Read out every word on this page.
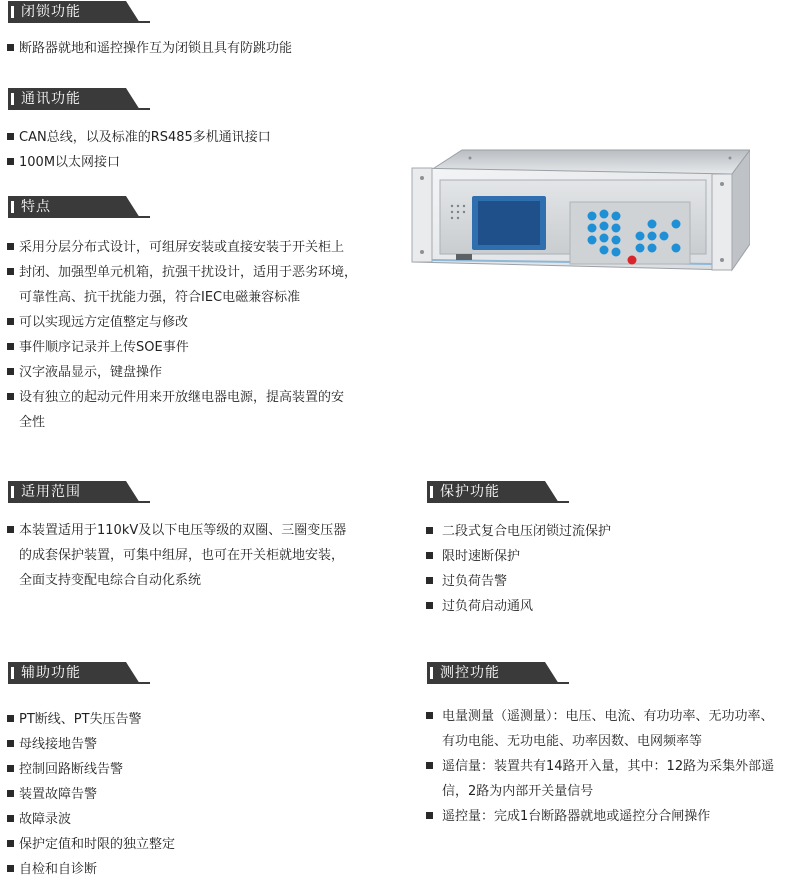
闭锁功能
断路器就地和遥控操作互为闭锁且具有防跳功能
通讯功能
CAN总线，以及标准的RS485多机通讯接口
100M以太网接口
特点
采用分层分布式设计，可组屏安装或直接安装于开关柜上
封闭、加强型单元机箱，抗强干扰设计，适用于恶劣环境，
可靠性高、抗干扰能力强，符合IEC电磁兼容标准
可以实现远方定值整定与修改
事件顺序记录并上传SOE事件
汉字液晶显示，键盘操作
设有独立的起动元件用来开放继电器电源，提高装置的安
全性
适用范围
本装置适用于110kV及以下电压等级的双圈、三圈变压器
的成套保护装置，可集中组屏，也可在开关柜就地安装，
全面支持变配电综合自动化系统
保护功能
二段式复合电压闭锁过流保护
限时速断保护
过负荷告警
过负荷启动通风
辅助功能
PT断线、PT失压告警
母线接地告警
控制回路断线告警
装置故障告警
故障录波
保护定值和时限的独立整定
自检和自诊断
测控功能
电量测量（遥测量）：电压、电流、有功功率、无功功率、
有功电能、无功电能、功率因数、电网频率等
遥信量：装置共有14路开入量，其中：12路为采集外部遥
信，2路为内部开关量信号
遥控量：完成1台断路器就地或遥控分合闸操作
